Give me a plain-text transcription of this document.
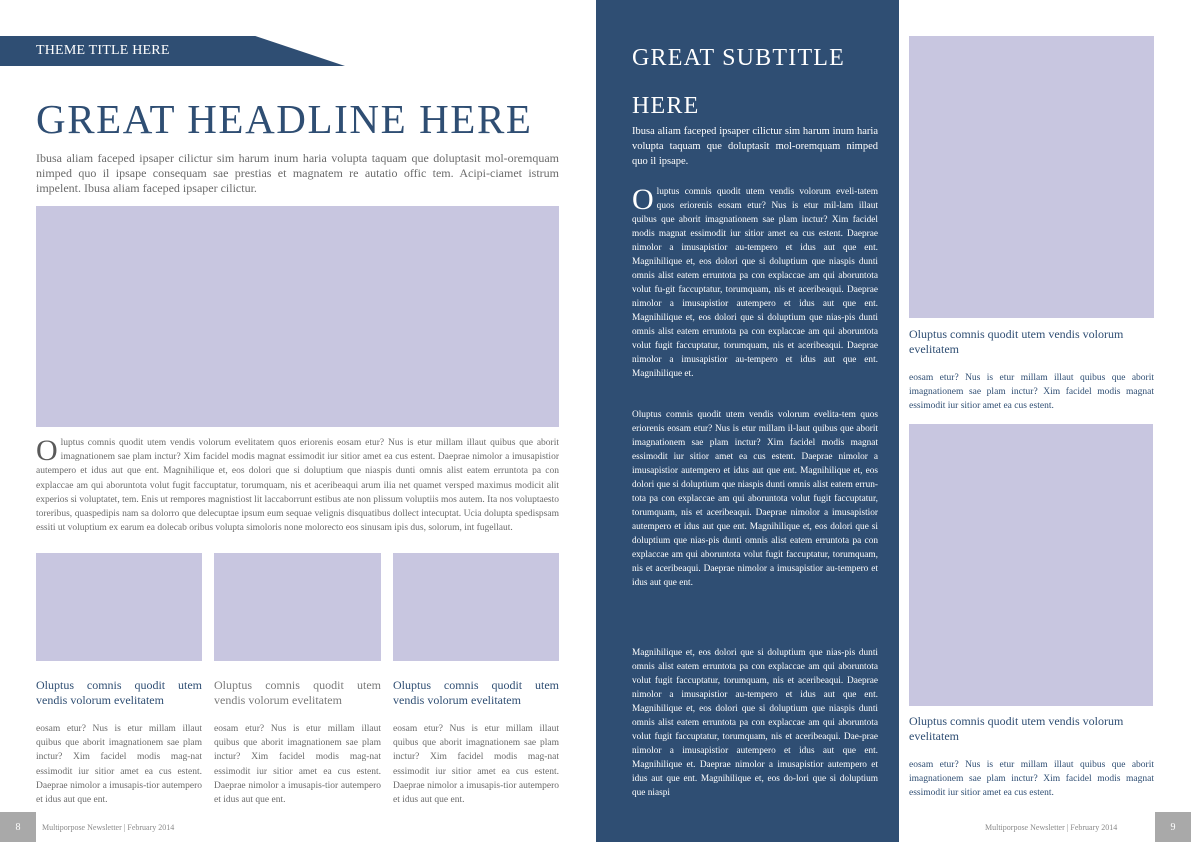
THEME TITLE HERE
GREAT HEADLINE HERE
Ibusa aliam faceped ipsaper cilictur sim harum inum haria volupta taquam que doluptasit mol-oremquam nimped quo il ipsape consequam sae prestias et magnatem re autatio offic tem. Acipi-ciamet istrum impelent. Ibusa aliam faceped ipsaper cilictur.
Oluptus comnis quodit utem vendis volorum evelitatem quos eriorenis eosam etur? Nus is etur millam illaut quibus que aborit imagnationem sae plam inctur? Xim facidel modis magnat essimodit iur sitior amet ea cus estent. Daeprae nimolor a imusapistior autempero et idus aut que ent. Magnihilique et, eos dolori que si doluptium que niaspis dunti omnis alist eatem erruntota pa con explaccae am qui aboruntota volut fugit faccuptatur, torumquam, nis et aceribeaqui arum ilia net quamet versped maximus modicit alit experios si voluptatet, tem. Enis ut rempores magnistiost lit laccaborrunt estibus ate non plissum voluptiis mos autem. Ita nos voluptaesto toreribus, quaspedipis nam sa dolorro que delecuptae ipsum eum sequae velignis disquatibus dollect intecuptat. Ucia dolupta spedispsam essiti ut voluptium ex earum ea dolecab oribus volupta simoloris none molorecto eos sinusam ipis dus, solorum, int fugellaut.
Oluptus comnis quodit utem vendis volorum evelitatem
Oluptus comnis quodit utem vendis volorum evelitatem
Oluptus comnis quodit utem vendis volorum evelitatem
eosam etur? Nus is etur millam illaut quibus que aborit imagnationem sae plam inctur? Xim facidel modis mag-nat essimodit iur sitior amet ea cus estent. Daeprae nimolor a imusapis-tior autempero et idus aut que ent.
eosam etur? Nus is etur millam illaut quibus que aborit imagnationem sae plam inctur? Xim facidel modis mag-nat essimodit iur sitior amet ea cus estent. Daeprae nimolor a imusapis-tior autempero et idus aut que ent.
eosam etur? Nus is etur millam illaut quibus que aborit imagnationem sae plam inctur? Xim facidel modis mag-nat essimodit iur sitior amet ea cus estent. Daeprae nimolor a imusapis-tior autempero et idus aut que ent.
8	Multiporpose Newsletter | February 2014
GREAT SUBTITLE
HERE
Ibusa aliam faceped ipsaper cilictur sim harum inum haria volupta taquam que doluptasit mol-oremquam nimped quo il ipsape.
Oluptus comnis quodit utem vendis volorum eveli-tatem quos eriorenis eosam etur? Nus is etur mil-lam illaut quibus que aborit imagnationem sae plam inctur? Xim facidel modis magnat essimodit iur sitior amet ea cus estent. Daeprae nimolor a imusapistior au-tempero et idus aut que ent. Magnihilique et, eos dolori que si doluptium que niaspis dunti omnis alist eatem erruntota pa con explaccae am qui aboruntota volut fu-git faccuptatur, torumquam, nis et aceribeaqui. Daeprae nimolor a imusapistior autempero et idus aut que ent. Magnihilique et, eos dolori que si doluptium que nias-pis dunti omnis alist eatem erruntota pa con explaccae am qui aboruntota volut fugit faccuptatur, torumquam, nis et aceribeaqui. Daeprae nimolor a imusapistior au-tempero et idus aut que ent. Magnihilique et.
Oluptus comnis quodit utem vendis volorum evelita-tem quos eriorenis eosam etur? Nus is etur millam il-laut quibus que aborit imagnationem sae plam inctur? Xim facidel modis magnat essimodit iur sitior amet ea cus estent. Daeprae nimolor a imusapistior autempero et idus aut que ent. Magnihilique et, eos dolori que si doluptium que niaspis dunti omnis alist eatem errun-tota pa con explaccae am qui aboruntota volut fugit faccuptatur, torumquam, nis et aceribeaqui. Daeprae nimolor a imusapistior autempero et idus aut que ent. Magnihilique et, eos dolori que si doluptium que nias-pis dunti omnis alist eatem erruntota pa con explaccae am qui aboruntota volut fugit faccuptatur, torumquam, nis et aceribeaqui. Daeprae nimolor a imusapistior au-tempero et idus aut que ent.
Magnihilique et, eos dolori que si doluptium que nias-pis dunti omnis alist eatem erruntota pa con explaccae am qui aboruntota volut fugit faccuptatur, torumquam, nis et aceribeaqui. Daeprae nimolor a imusapistior au-tempero et idus aut que ent. Magnihilique et, eos dolori que si doluptium que niaspis dunti omnis alist eatem erruntota pa con explaccae am qui aboruntota volut fugit faccuptatur, torumquam, nis et aceribeaqui. Dae-prae nimolor a imusapistior autempero et idus aut que ent. Magnihilique et. Daeprae nimolor a imusapistior autempero et idus aut que ent. Magnihilique et, eos do-lori que si doluptium que niaspi
Oluptus comnis quodit utem vendis volorum evelitatem
eosam etur? Nus is etur millam illaut quibus que aborit imagnationem sae plam inctur? Xim facidel modis magnat essimodit iur sitior amet ea cus estent.
Oluptus comnis quodit utem vendis volorum evelitatem
eosam etur? Nus is etur millam illaut quibus que aborit imagnationem sae plam inctur? Xim facidel modis magnat essimodit iur sitior amet ea cus estent.
Multiporpose Newsletter | February 2014	9
